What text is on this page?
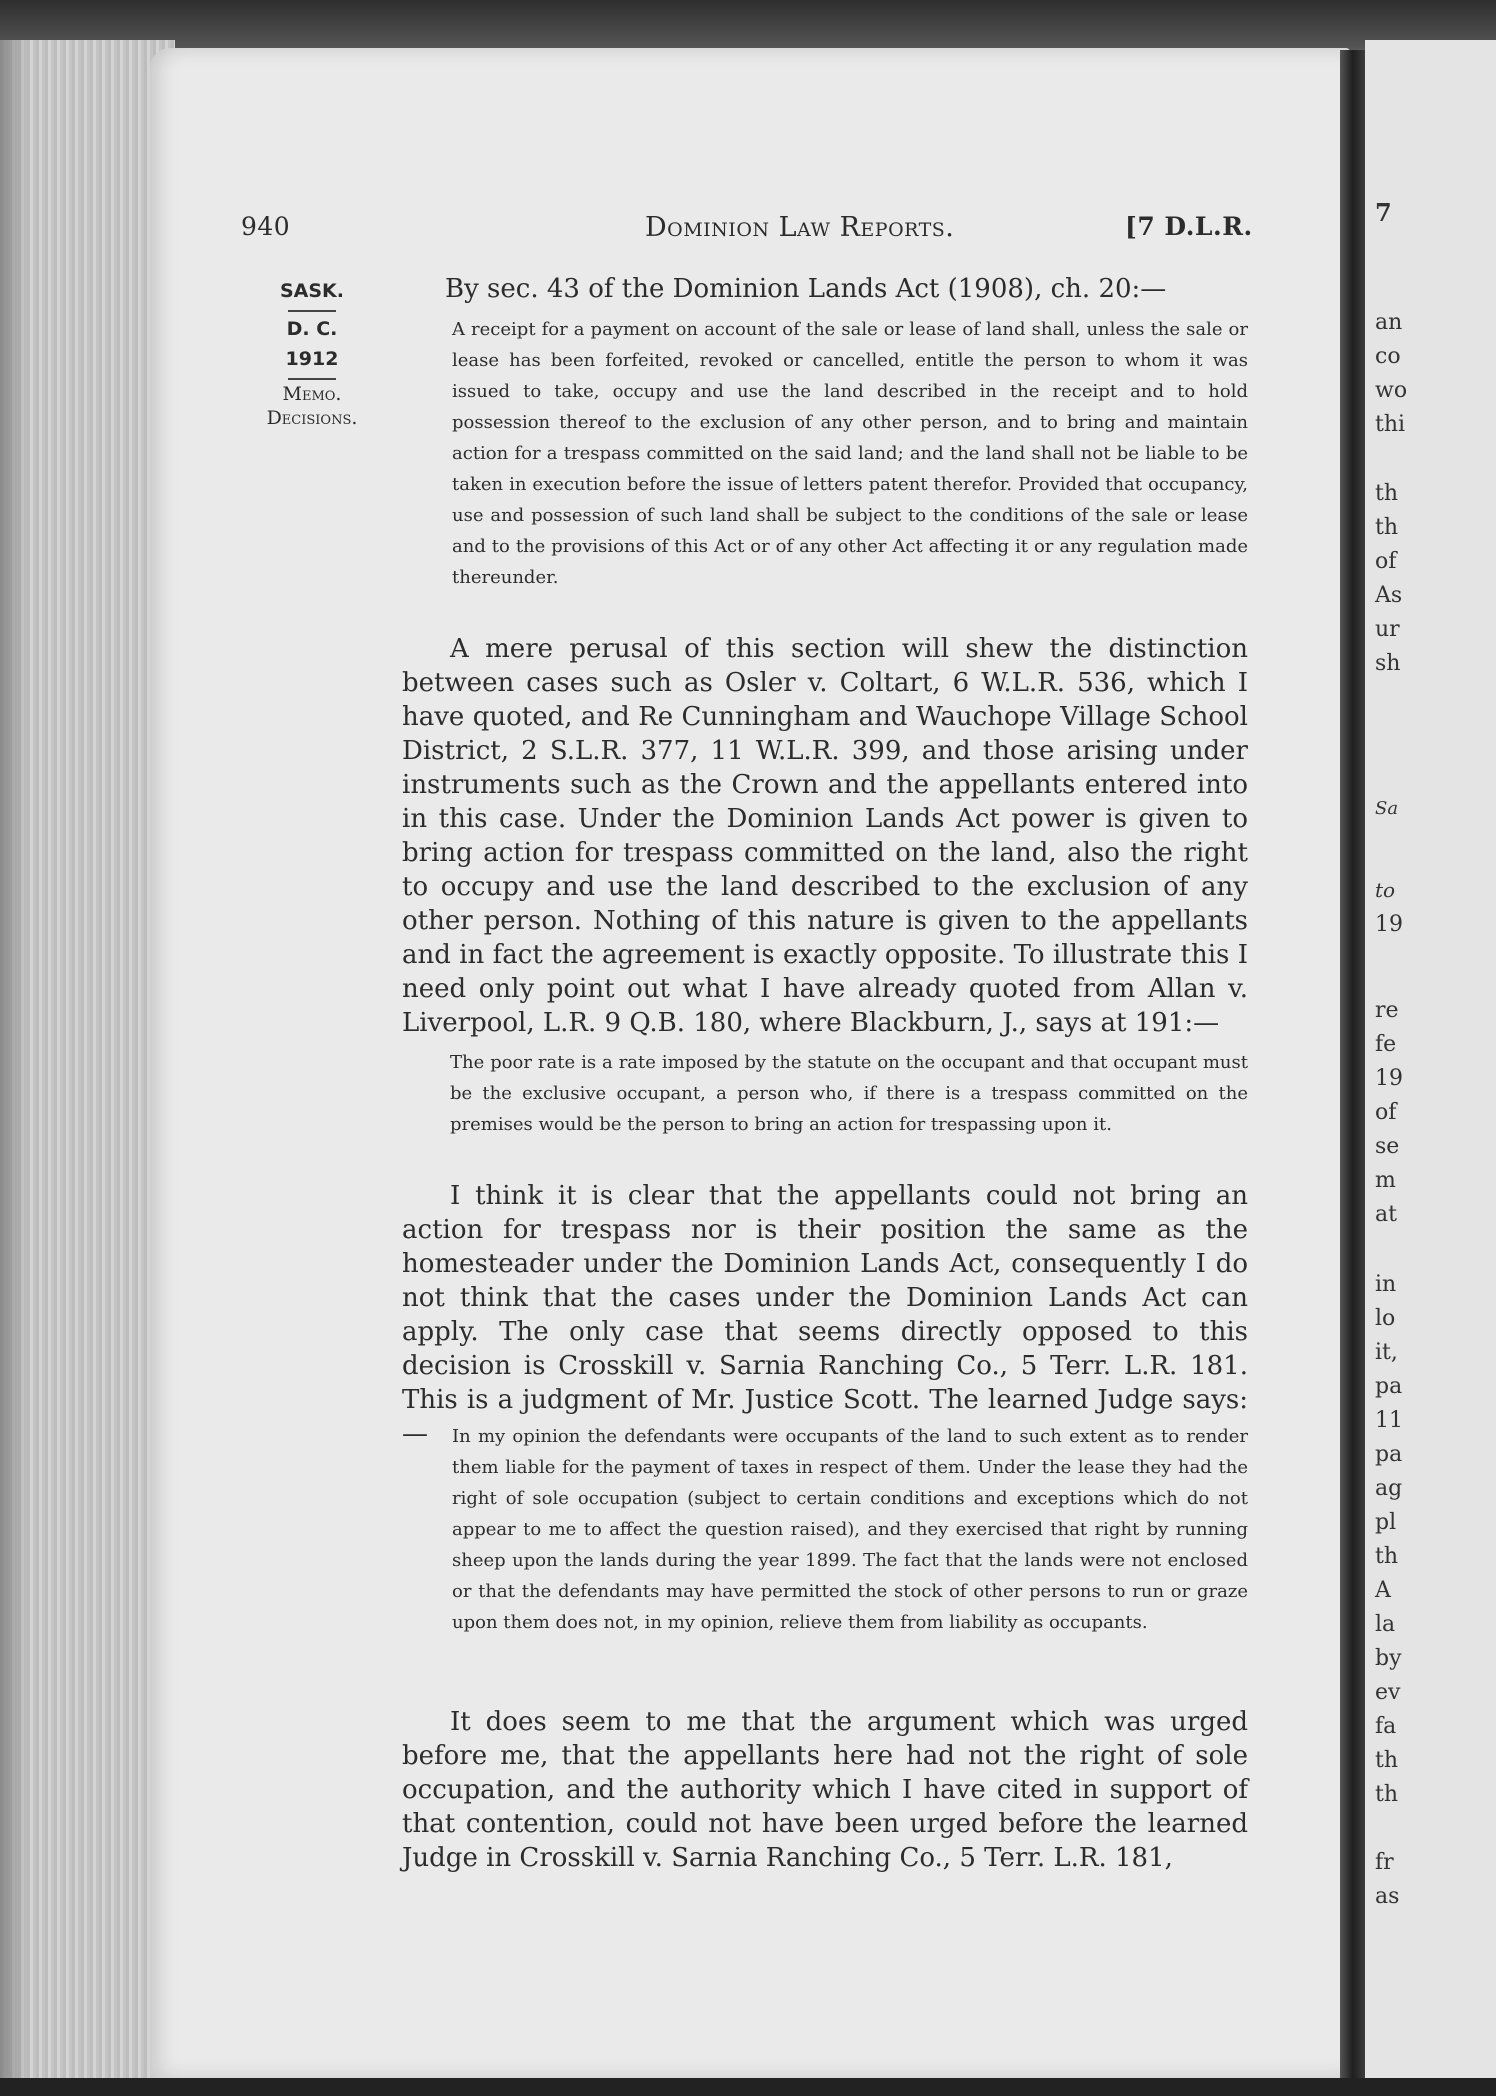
7
an
co
wo
thi
th
th
of
As
ur
sh
Sa
to
19
re
fe
19
of
se
m
at
in
lo
it,
pa
11
pa
ag
pl
th
A
la
by
ev
fa
th
th
fr
as
940	Dominion Law Reports.	[7 D.L.R.
SASK.
D. C.
1912
Memo.
Decisions.
By sec. 43 of the Dominion Lands Act (1908), ch. 20:—
A receipt for a payment on account of the sale or lease of land shall, unless the sale or lease has been forfeited, revoked or cancelled, entitle the person to whom it was issued to take, occupy and use the land described in the receipt and to hold possession thereof to the exclusion of any other person, and to bring and maintain action for a trespass committed on the said land; and the land shall not be liable to be taken in execution before the issue of letters patent therefor. Provided that occupancy, use and possession of such land shall be subject to the conditions of the sale or lease and to the provisions of this Act or of any other Act affecting it or any regulation made thereunder.
A mere perusal of this section will shew the distinction between cases such as Osler v. Coltart, 6 W.L.R. 536, which I have quoted, and Re Cunningham and Wauchope Village School District, 2 S.L.R. 377, 11 W.L.R. 399, and those arising under instruments such as the Crown and the appellants entered into in this case. Under the Dominion Lands Act power is given to bring action for trespass committed on the land, also the right to occupy and use the land described to the exclusion of any other person. Nothing of this nature is given to the appellants and in fact the agreement is exactly opposite. To illustrate this I need only point out what I have already quoted from Allan v. Liverpool, L.R. 9 Q.B. 180, where Blackburn, J., says at 191:—
The poor rate is a rate imposed by the statute on the occupant and that occupant must be the exclusive occupant, a person who, if there is a trespass committed on the premises would be the person to bring an action for trespassing upon it.
I think it is clear that the appellants could not bring an action for trespass nor is their position the same as the homesteader under the Dominion Lands Act, consequently I do not think that the cases under the Dominion Lands Act can apply. The only case that seems directly opposed to this decision is Crosskill v. Sarnia Ranching Co., 5 Terr. L.R. 181. This is a judgment of Mr. Justice Scott. The learned Judge says:—	In my opinion the defendants were occupants of the land to such extent as to render them liable for the payment of taxes in respect of them. Under the lease they had the right of sole occupation (subject to certain conditions and exceptions which do not appear to me to affect the question raised), and they exercised that right by running sheep upon the lands during the year 1899. The fact that the lands were not enclosed or that the defendants may have permitted the stock of other persons to run or graze upon them does not, in my opinion, relieve them from liability as occupants.
It does seem to me that the argument which was urged before me, that the appellants here had not the right of sole occupation, and the authority which I have cited in support of that contention, could not have been urged before the learned Judge in Crosskill v. Sarnia Ranching Co., 5 Terr. L.R. 181,
